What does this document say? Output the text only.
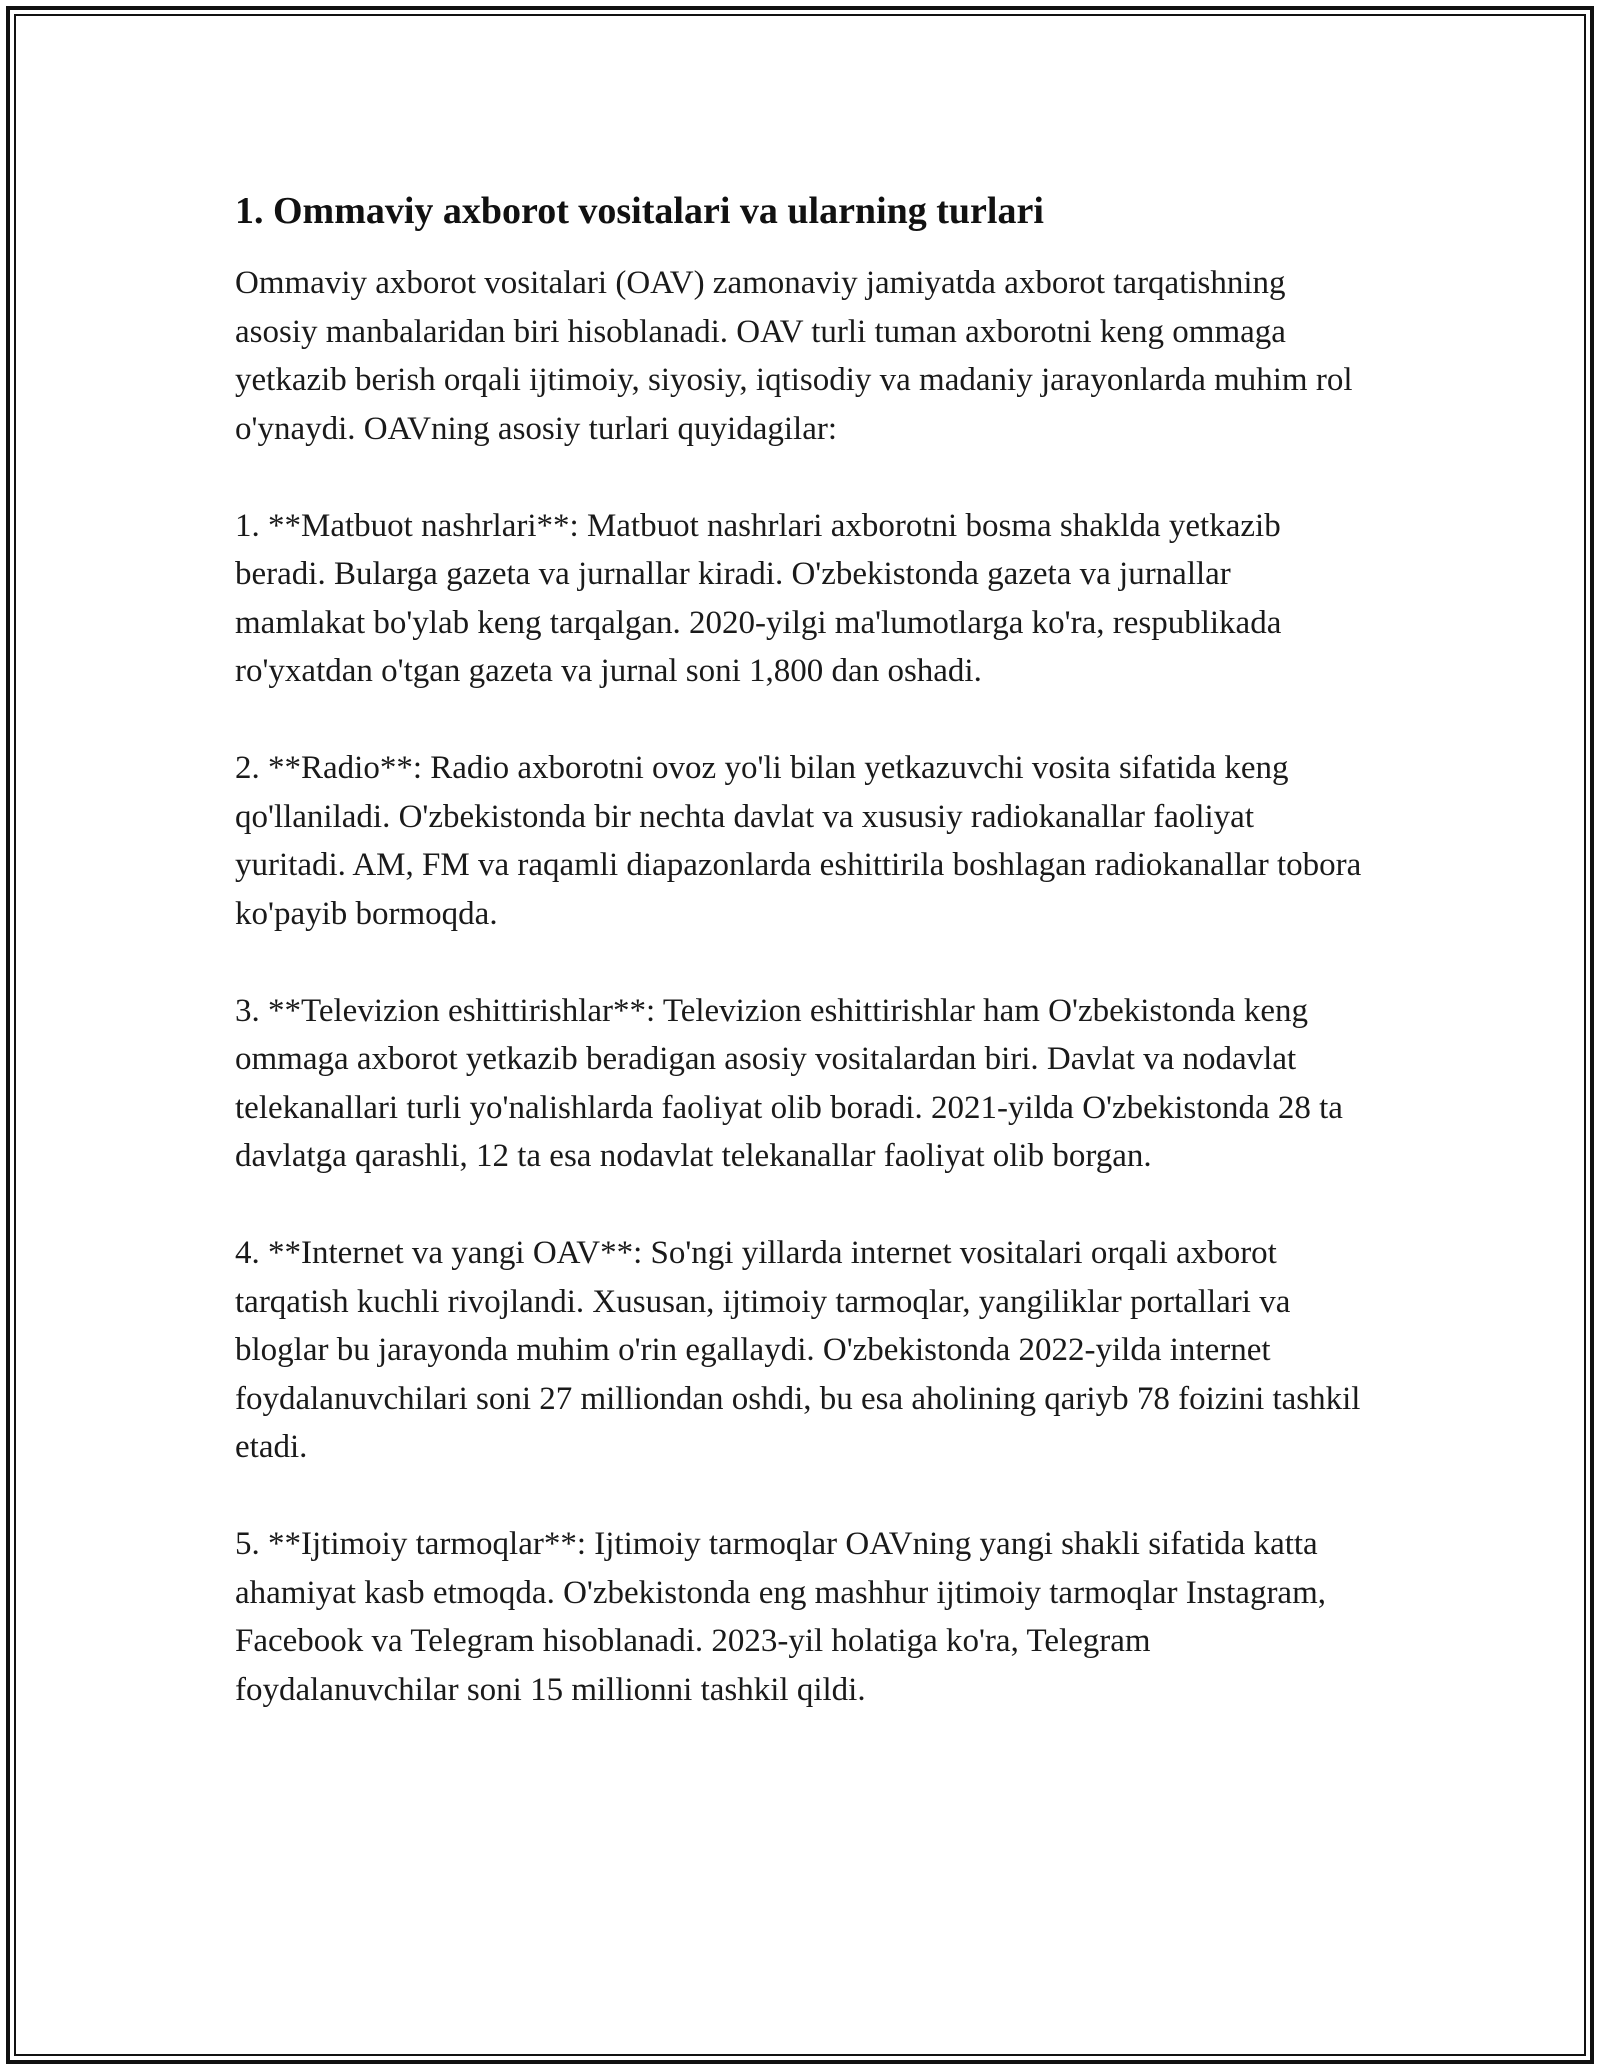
1. Ommaviy axborot vositalari va ularning turlari

Ommaviy axborot vositalari (OAV) zamonaviy jamiyatda axborot tarqatishning asosiy manbalaridan biri hisoblanadi. OAV turli tuman axborotni keng ommaga yetkazib berish orqali ijtimoiy, siyosiy, iqtisodiy va madaniy jarayonlarda muhim rol o'ynaydi. OAVning asosiy turlari quyidagilar:

1. **Matbuot nashrlari**: Matbuot nashrlari axborotni bosma shakldа yetkazib beradi. Bularga gazeta va jurnallar kiradi. O'zbekistonda gazeta va jurnallar mamlakat bo'ylab keng tarqalgan. 2020-yilgi ma'lumotlarga ko'ra, respublikada ro'yxatdan o'tgan gazeta va jurnal soni 1,800 dan oshadi.

2. **Radio**: Radio axborotni ovoz yo'li bilan yetkazuvchi vosita sifatida keng qo'llaniladi. O'zbekistonda bir nechta davlat va xususiy radiokanallar faoliyat yuritadi. AM, FM va raqamli diapazonlarda eshittirila boshlagan radiokanallar tobora ko'payib bormoqda.

3. **Televizion eshittirishlar**: Televizion eshittirishlar ham O'zbekistonda keng ommaga axborot yetkazib beradigan asosiy vositalardan biri. Davlat va nodavlat telekanallari turli yo'nalishlarda faoliyat olib boradi. 2021-yilda O'zbekistonda 28 ta davlatga qarashli, 12 ta esa nodavlat telekanallar faoliyat olib borgan.

4. **Internet va yangi OAV**: So'ngi yillarda internet vositalari orqali axborot tarqatish kuchli rivojlandi. Xususan, ijtimoiy tarmoqlar, yangiliklar portallari va bloglar bu jarayonda muhim o'rin egallaydi. O'zbekistonda 2022-yilda internet foydalanuvchilari soni 27 milliondan oshdi, bu esa aholining qariyb 78 foizini tashkil etadi.

5. **Ijtimoiy tarmoqlar**: Ijtimoiy tarmoqlar OAVning yangi shakli sifatida katta ahamiyat kasb etmoqda. O'zbekistonda eng mashhur ijtimoiy tarmoqlar Instagram, Facebook va Telegram hisoblanadi. 2023-yil holatiga ko'ra, Telegram foydalanuvchilar soni 15 millionni tashkil qildi.
